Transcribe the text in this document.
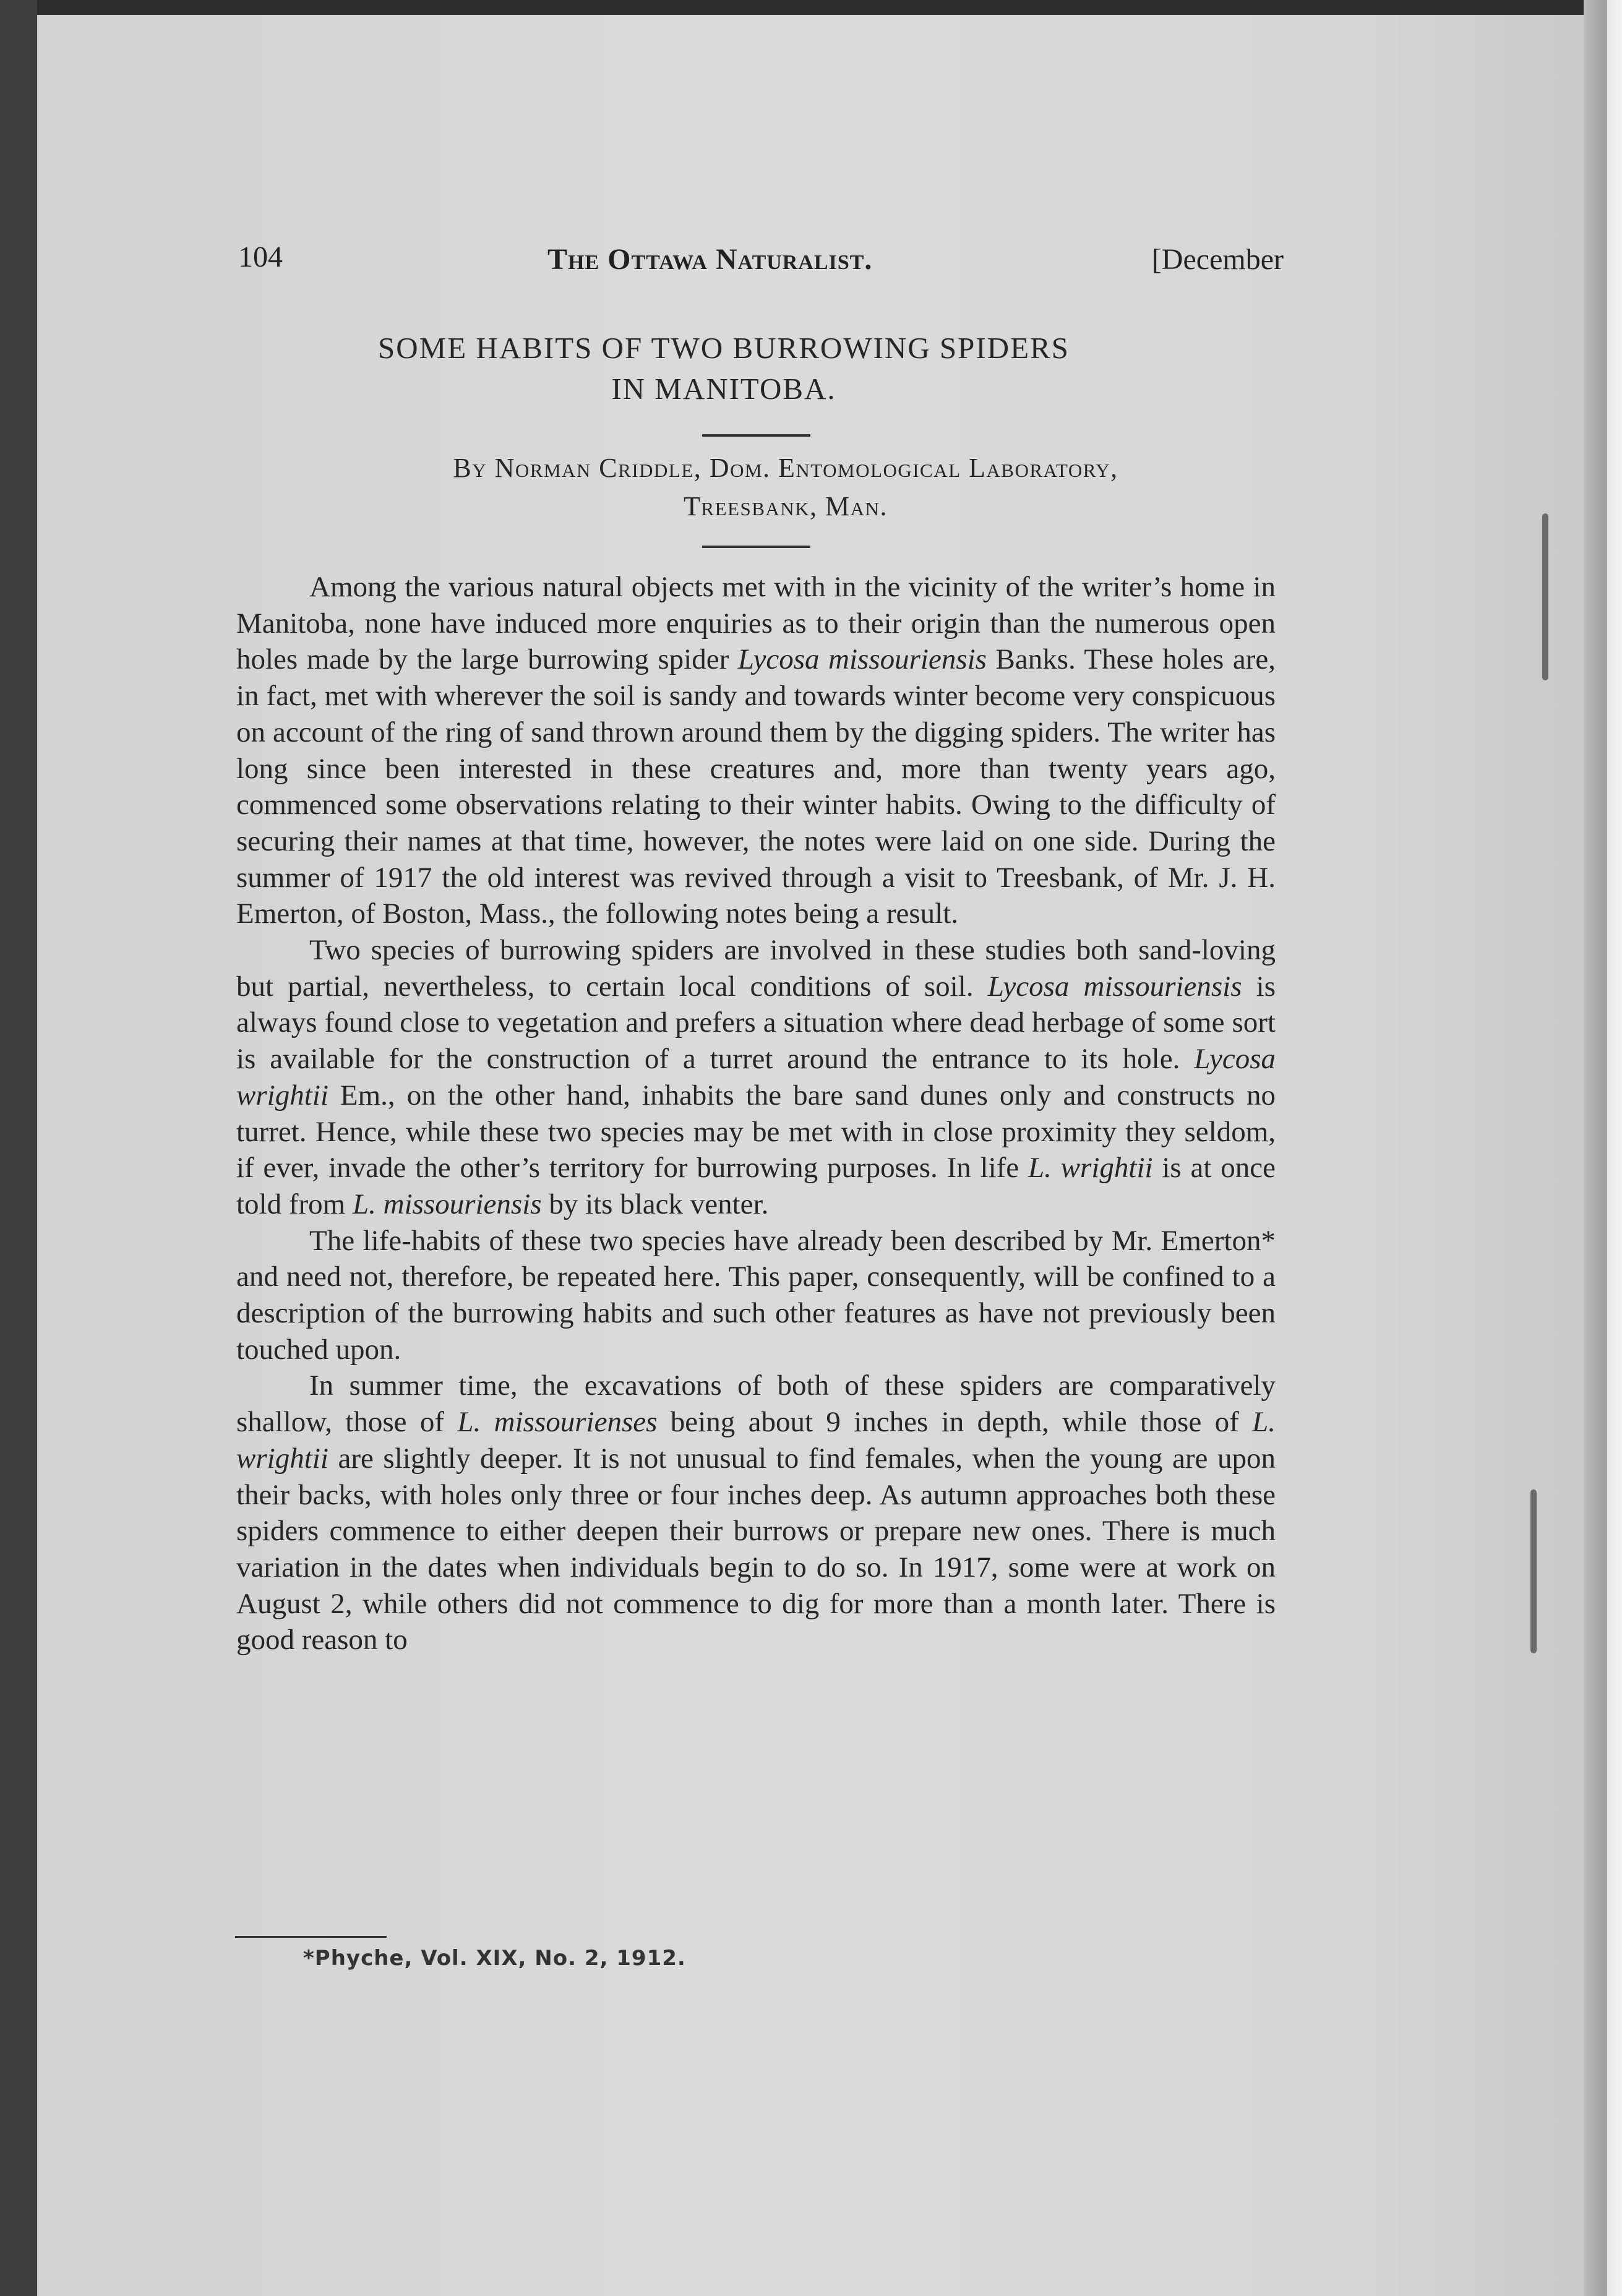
104	The Ottawa Naturalist.	[December
SOME HABITS OF TWO BURROWING SPIDERS
IN MANITOBA.
By Norman Criddle, Dom. Entomological Laboratory,
Treesbank, Man.

Among the various natural objects met with in the vicinity of the writer’s home in Manitoba, none have induced more enquiries as to their origin than the numerous open holes made by the large burrowing spider Lycosa missouriensis Banks. These holes are, in fact, met with wherever the soil is sandy and towards winter become very conspicuous on account of the ring of sand thrown around them by the digging spiders. The writer has long since been interested in these creatures and, more than twenty years ago, commenced some observations relating to their winter habits. Owing to the difficulty of securing their names at that time, however, the notes were laid on one side. During the summer of 1917 the old interest was revived through a visit to Treesbank, of Mr. J. H. Emerton, of Boston, Mass., the following notes being a result.

Two species of burrowing spiders are involved in these studies both sand-loving but partial, nevertheless, to certain local conditions of soil. Lycosa missouriensis is always found close to vegetation and prefers a situation where dead herbage of some sort is available for the construction of a turret around the entrance to its hole. Lycosa wrightii Em., on the other hand, inhabits the bare sand dunes only and constructs no turret. Hence, while these two species may be met with in close proximity they seldom, if ever, invade the other’s territory for burrowing purposes. In life L. wrightii is at once told from L. missouriensis by its black venter.

The life-habits of these two species have already been described by Mr. Emerton* and need not, therefore, be repeated here. This paper, consequently, will be confined to a description of the burrowing habits and such other features as have not previously been touched upon.

In summer time, the excavations of both of these spiders are comparatively shallow, those of L. missourienses being about 9 inches in depth, while those of L. wrightii are slightly deeper. It is not unusual to find females, when the young are upon their backs, with holes only three or four inches deep. As autumn approaches both these spiders commence to either deepen their burrows or prepare new ones. There is much variation in the dates when individuals begin to do so. In 1917, some were at work on August 2, while others did not commence to dig for more than a month later. There is good reason to

*Phyche, Vol. XIX, No. 2, 1912.
